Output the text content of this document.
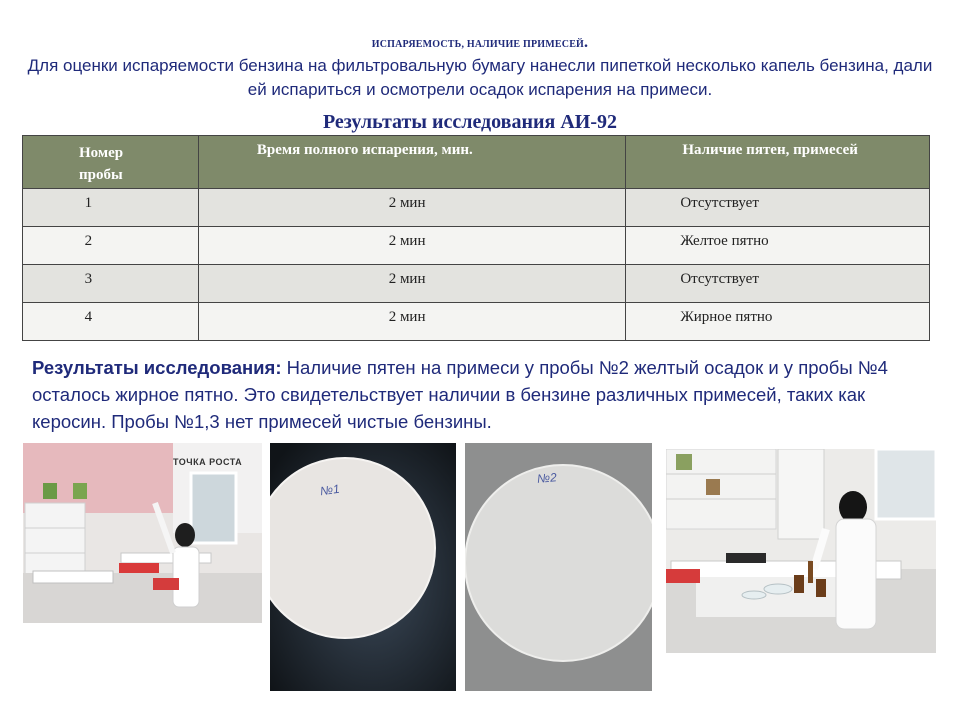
ИСПАРЯЕМОСТЬ, НАЛИЧИЕ ПРИМЕСЕЙ.
Для оценки испаряемости бензина на фильтровальную бумагу нанесли пипеткой несколько капель бензина, дали ей испариться и осмотрели осадок испарения на примеси.
Результаты исследования АИ-92
Номер
пробы	Время полного испарения, мин.	Наличие пятен, примесей
1	2 мин	Отсутствует
2	2 мин	Желтое пятно
3	2 мин	Отсутствует
4	2 мин	Жирное пятно
Результаты исследования: Наличие пятен на примеси у пробы №2 желтый осадок и у пробы №4 осталось жирное пятно. Это свидетельствует наличии в бензине различных примесей, таких как керосин. Пробы №1,3 нет примесей чистые бензины.
ТОЧКА РОСТА
№1
№2
